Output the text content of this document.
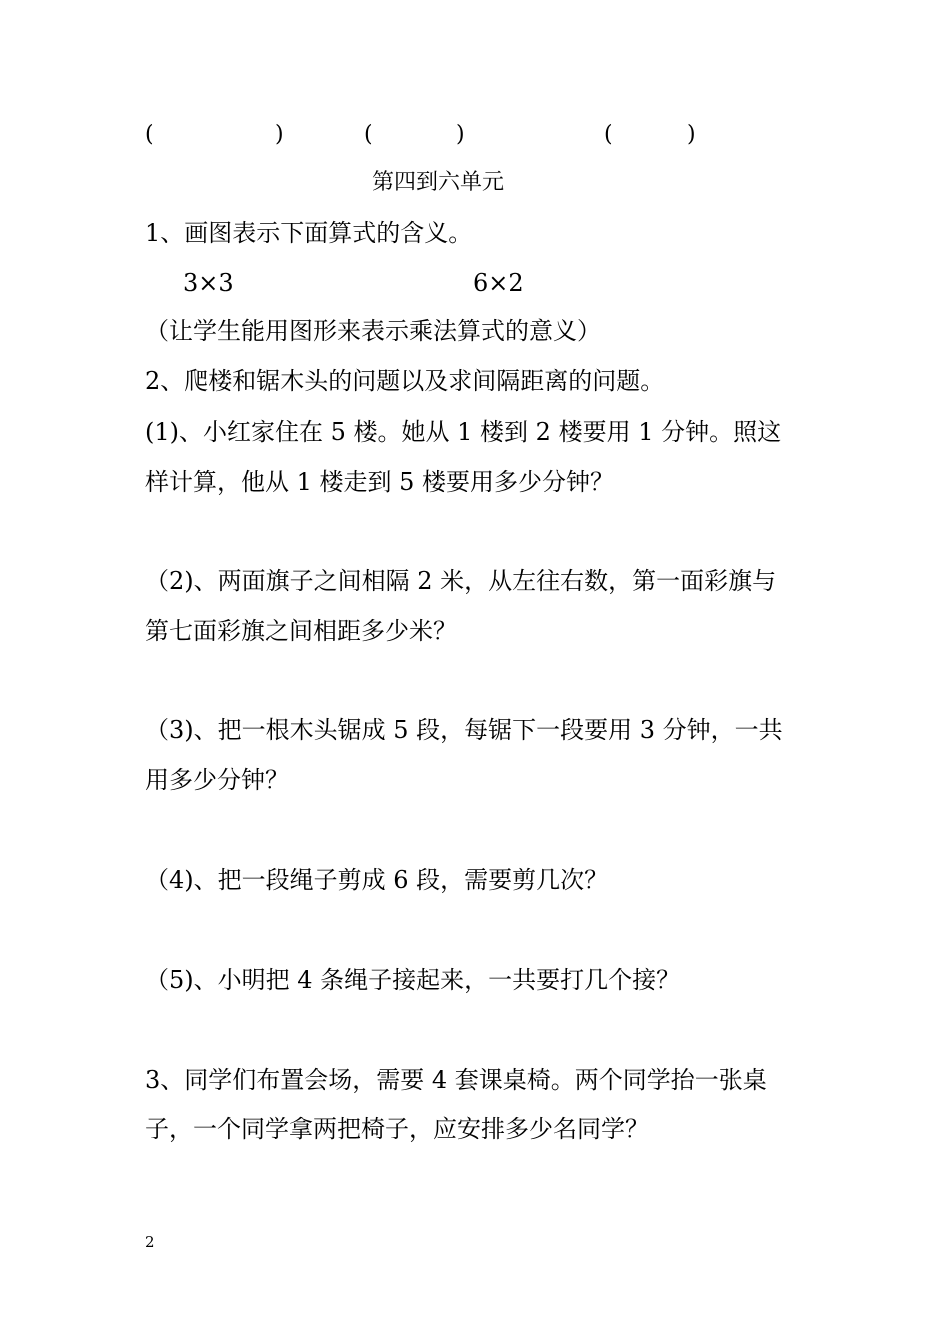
(	)	(	)	(	)
第四到六单元

1、画图表示下面算式的含义。

3×3	6×2

（让学生能用图形来表示乘法算式的意义）

2、爬楼和锯木头的问题以及求间隔距离的问题。

(1)、小红家住在 5 楼。她从 1 楼到 2 楼要用 1 分钟。照这

样计算，他从 1 楼走到 5 楼要用多少分钟？

（2)、两面旗子之间相隔 2 米，从左往右数，第一面彩旗与

第七面彩旗之间相距多少米？

（3)、把一根木头锯成 5 段，每锯下一段要用 3 分钟，一共

用多少分钟？

（4)、把一段绳子剪成 6 段，需要剪几次？

（5)、小明把 4 条绳子接起来，一共要打几个接？

3、同学们布置会场，需要 4 套课桌椅。两个同学抬一张桌

子，一个同学拿两把椅子，应安排多少名同学？

2
